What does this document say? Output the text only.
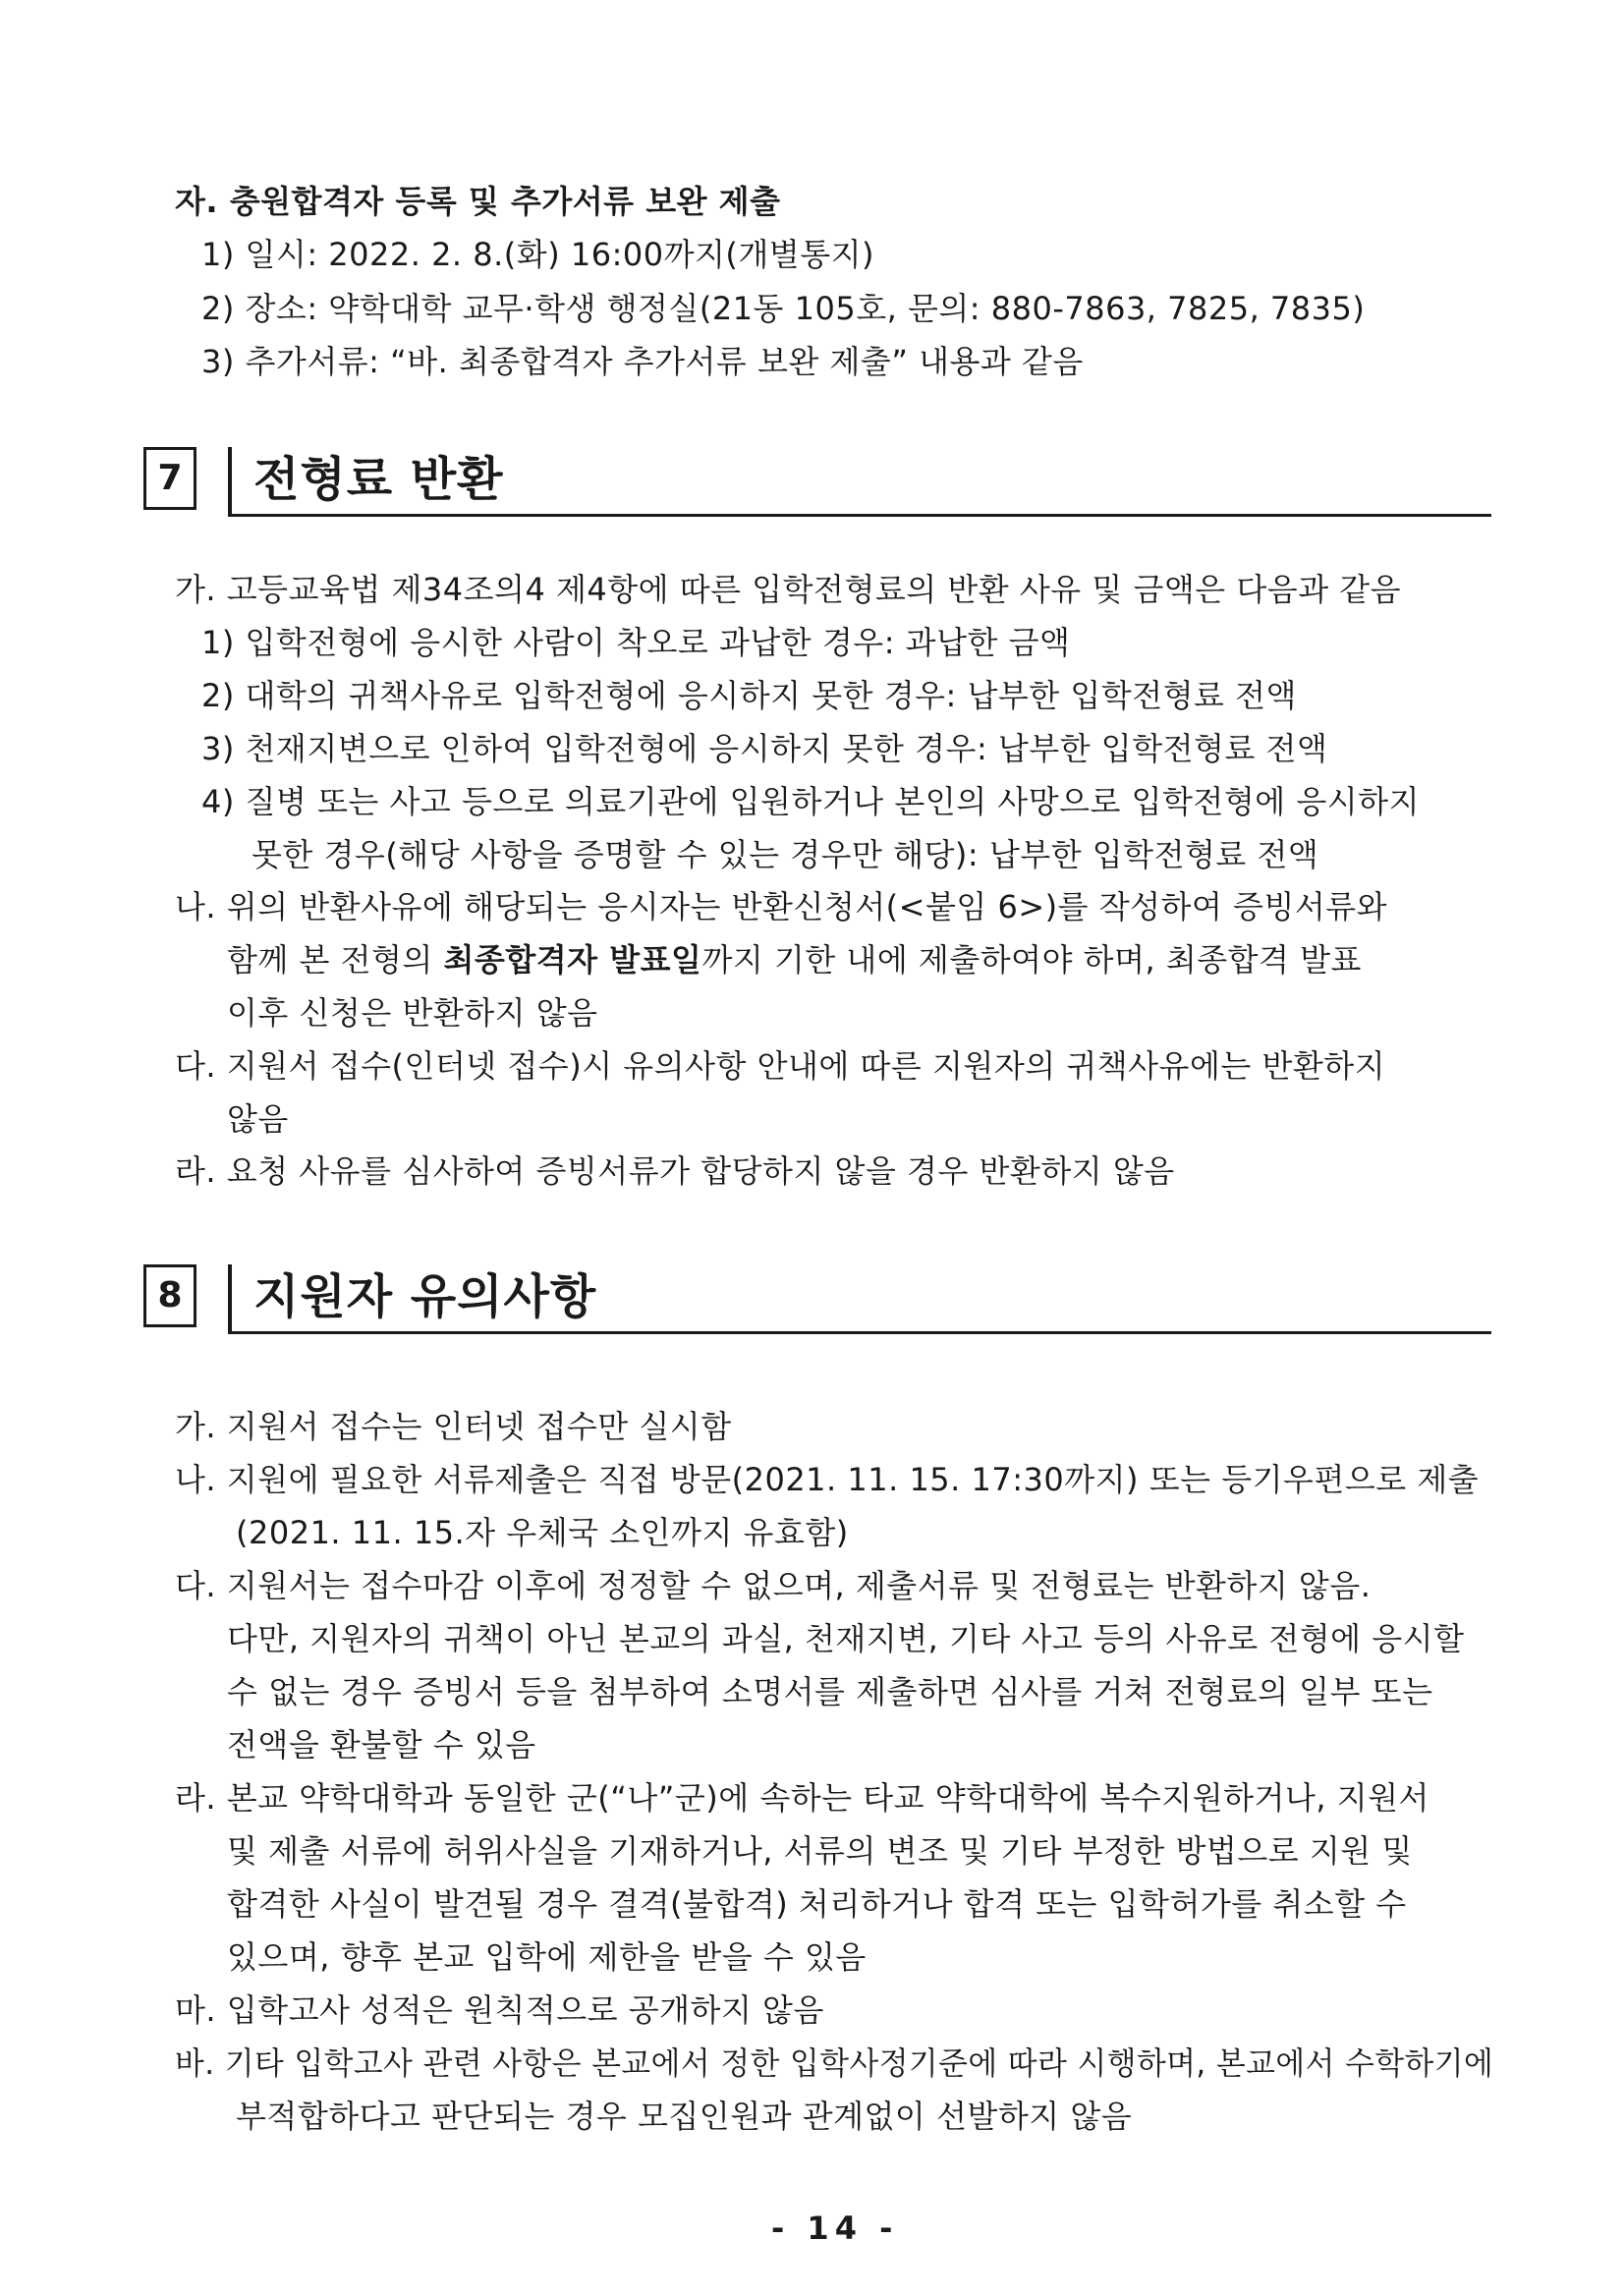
자. 충원합격자 등록 및 추가서류 보완 제출
1) 일시: 2022. 2. 8.(화) 16:00까지(개별통지)
2) 장소: 약학대학 교무·학생 행정실(21동 105호, 문의: 880-7863, 7825, 7835)
3) 추가서류: “바. 최종합격자 추가서류 보완 제출” 내용과 같음
7	전형료 반환
가. 고등교육법 제34조의4 제4항에 따른 입학전형료의 반환 사유 및 금액은 다음과 같음
1) 입학전형에 응시한 사람이 착오로 과납한 경우: 과납한 금액
2) 대학의 귀책사유로 입학전형에 응시하지 못한 경우: 납부한 입학전형료 전액
3) 천재지변으로 인하여 입학전형에 응시하지 못한 경우: 납부한 입학전형료 전액
4) 질병 또는 사고 등으로 의료기관에 입원하거나 본인의 사망으로 입학전형에 응시하지
못한 경우(해당 사항을 증명할 수 있는 경우만 해당): 납부한 입학전형료 전액
나. 위의 반환사유에 해당되는 응시자는 반환신청서(<붙임 6>)를 작성하여 증빙서류와
함께 본 전형의 최종합격자 발표일까지 기한 내에 제출하여야 하며, 최종합격 발표
이후 신청은 반환하지 않음
다. 지원서 접수(인터넷 접수)시 유의사항 안내에 따른 지원자의 귀책사유에는 반환하지
않음
라. 요청 사유를 심사하여 증빙서류가 합당하지 않을 경우 반환하지 않음
8	지원자 유의사항
가. 지원서 접수는 인터넷 접수만 실시함
나. 지원에 필요한 서류제출은 직접 방문(2021. 11. 15. 17:30까지) 또는 등기우편으로 제출
(2021. 11. 15.자 우체국 소인까지 유효함)
다. 지원서는 접수마감 이후에 정정할 수 없으며, 제출서류 및 전형료는 반환하지 않음.
다만, 지원자의 귀책이 아닌 본교의 과실, 천재지변, 기타 사고 등의 사유로 전형에 응시할
수 없는 경우 증빙서 등을 첨부하여 소명서를 제출하면 심사를 거쳐 전형료의 일부 또는
전액을 환불할 수 있음
라. 본교 약학대학과 동일한 군(“나”군)에 속하는 타교 약학대학에 복수지원하거나, 지원서
및 제출 서류에 허위사실을 기재하거나, 서류의 변조 및 기타 부정한 방법으로 지원 및
합격한 사실이 발견될 경우 결격(불합격) 처리하거나 합격 또는 입학허가를 취소할 수
있으며, 향후 본교 입학에 제한을 받을 수 있음
마. 입학고사 성적은 원칙적으로 공개하지 않음
바. 기타 입학고사 관련 사항은 본교에서 정한 입학사정기준에 따라 시행하며, 본교에서 수학하기에
부적합하다고 판단되는 경우 모집인원과 관계없이 선발하지 않음
- 14 -
